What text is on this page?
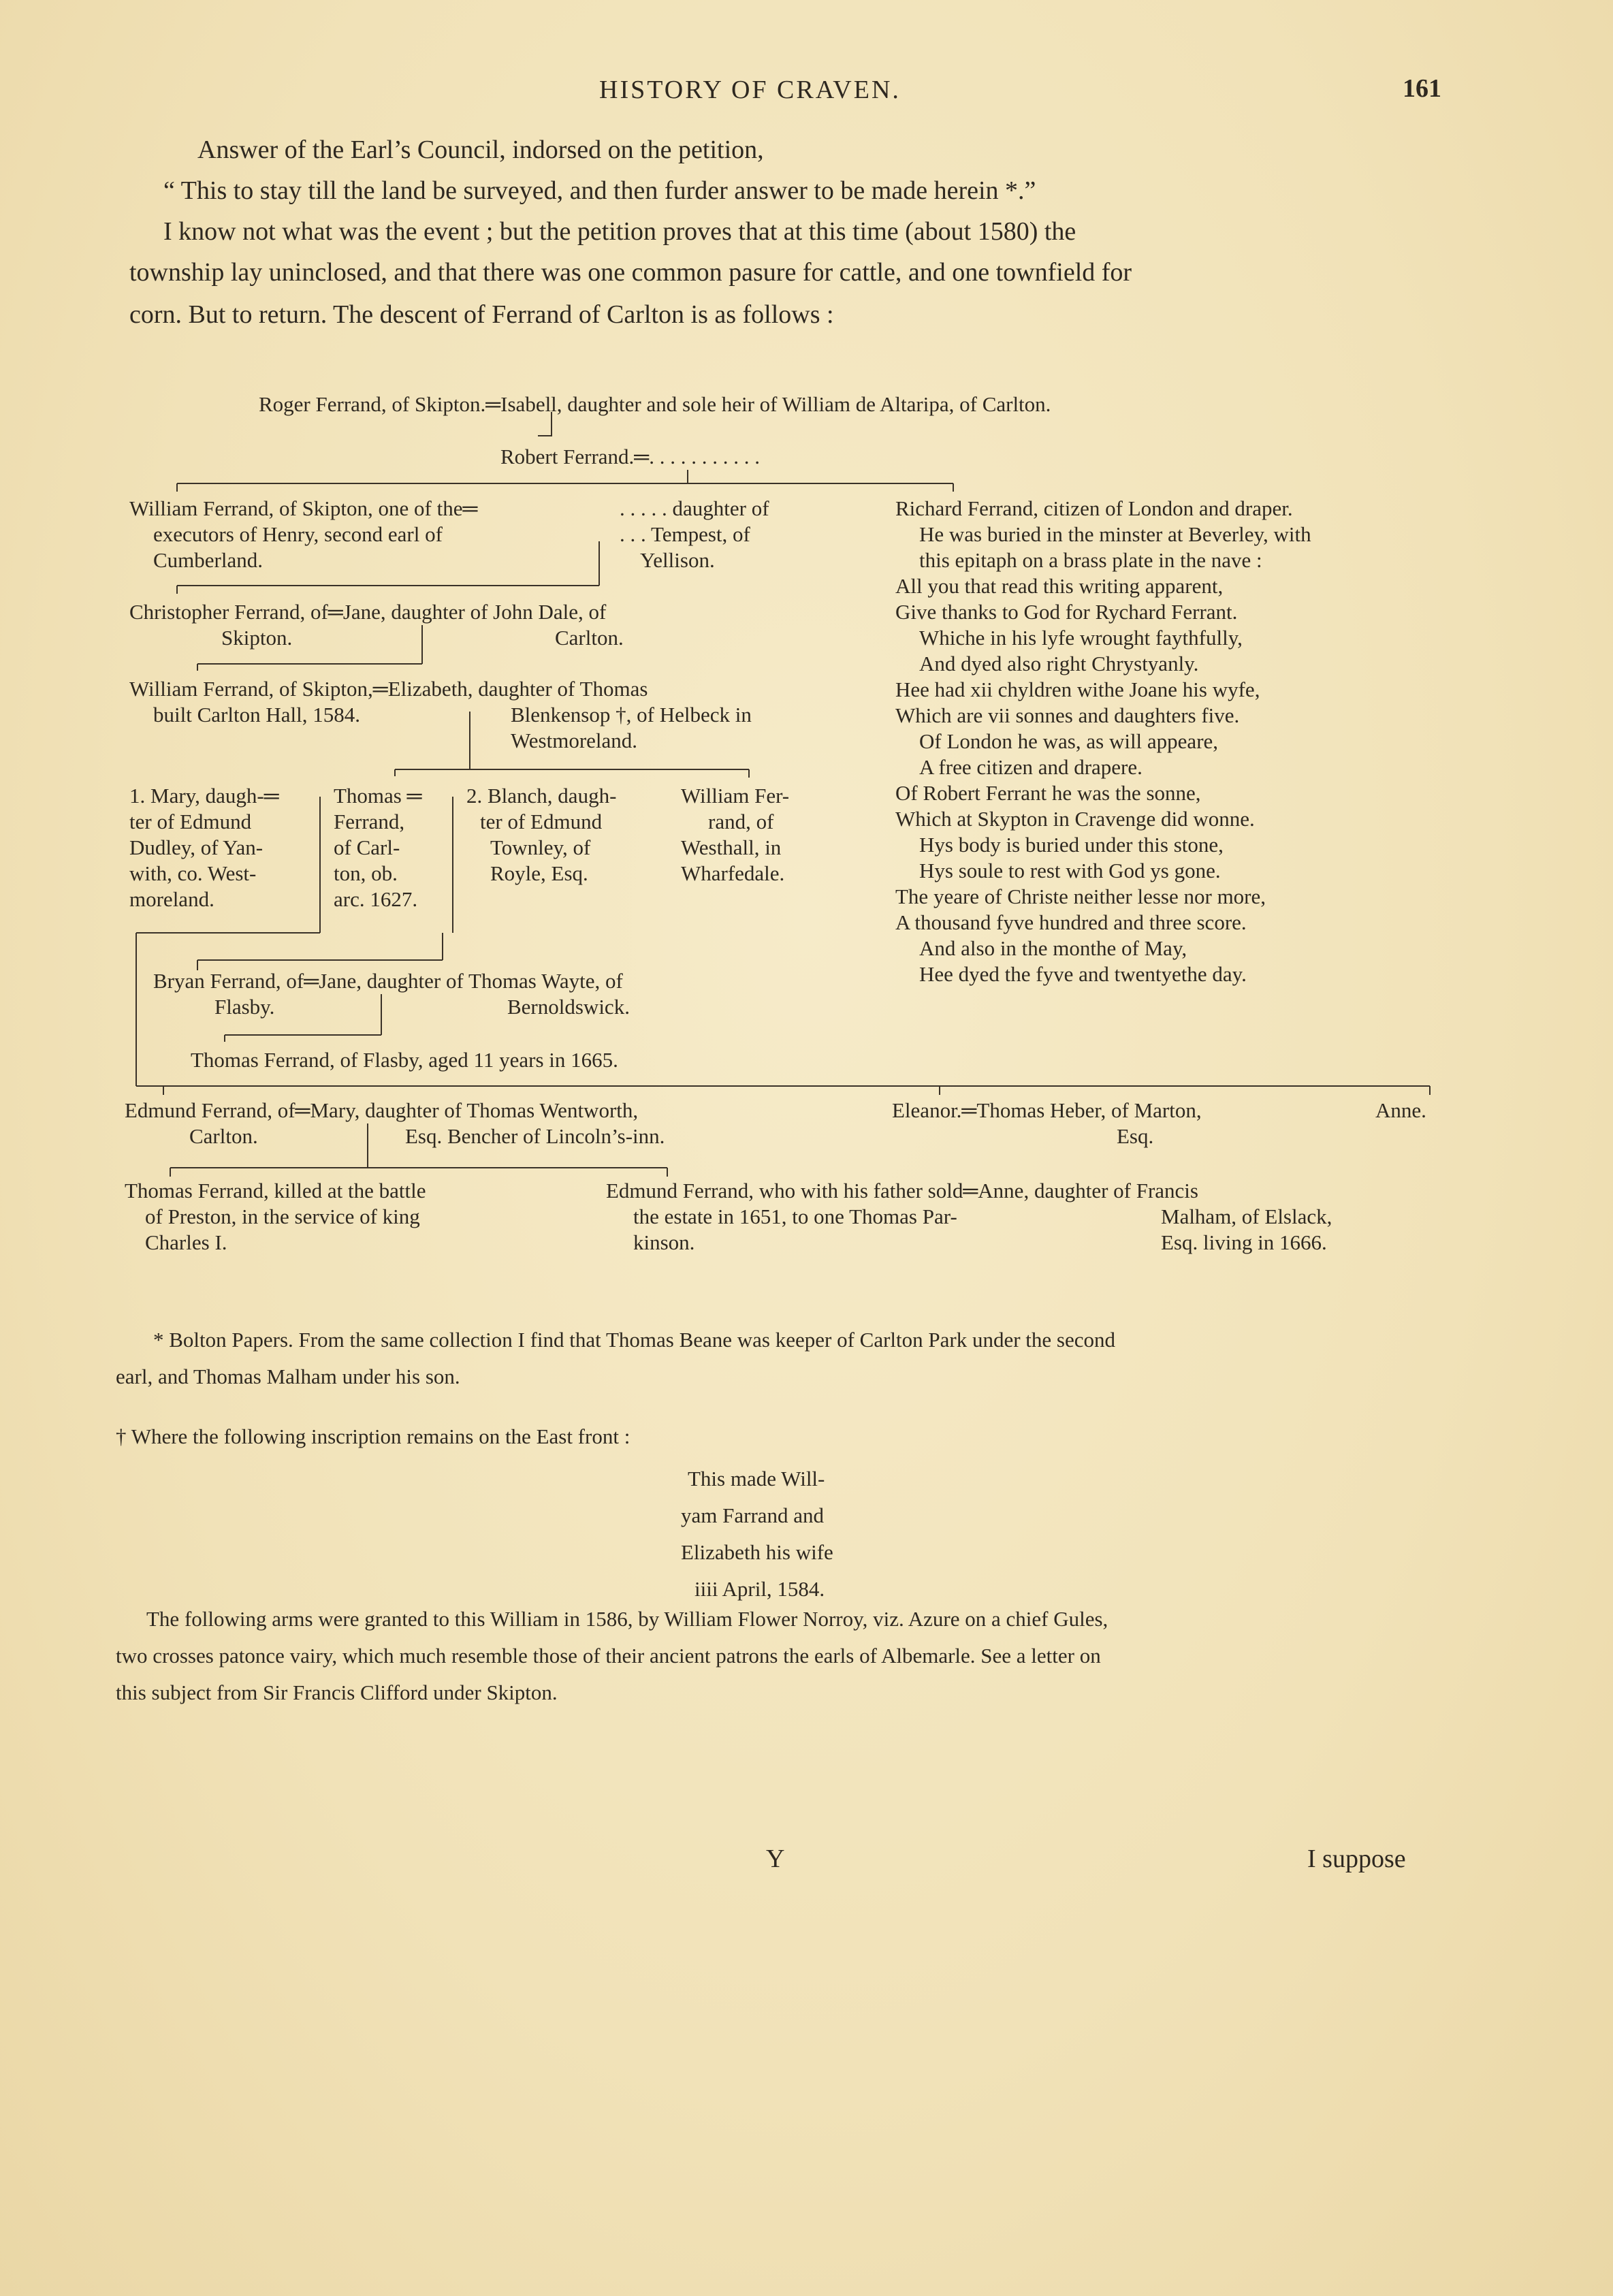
HISTORY OF CRAVEN.	161
Answer of the Earl’s Council, indorsed on the petition,
“ This to stay till the land be surveyed, and then furder answer to be made herein *.”
I know not what was the event ; but the petition proves that at this time (about 1580) the
township lay uninclosed, and that there was one common pasure for cattle, and one townfield for
corn. But to return. The descent of Ferrand of Carlton is as follows :
Roger Ferrand, of Skipton.═Isabell, daughter and sole heir of William de Altaripa, of Carlton.
Robert Ferrand.═. . . . . . . . . . .
William Ferrand, of Skipton, one of the═
executors of Henry, second earl of
Cumberland.
. . . . . daughter of
. . . Tempest, of
Yellison.
Christopher Ferrand, of═Jane, daughter of John Dale, of
Skipton.	Carlton.
William Ferrand, of Skipton,═Elizabeth, daughter of Thomas
built Carlton Hall, 1584.	Blenkensop †, of Helbeck in
Westmoreland.
1. Mary, daugh-═
ter of Edmund
Dudley, of Yan-
with, co. West-
moreland.
Thomas ═
Ferrand,
of Carl-
ton, ob.
arc. 1627.
2. Blanch, daugh-
ter of Edmund
Townley, of
Royle, Esq.
William Fer-
rand, of
Westhall, in
Wharfedale.
Bryan Ferrand, of═Jane, daughter of Thomas Wayte, of
Flasby.	Bernoldswick.
Thomas Ferrand, of Flasby, aged 11 years in 1665.
Edmund Ferrand, of═Mary, daughter of Thomas Wentworth,
Carlton.	Esq. Bencher of Lincoln’s-inn.
Eleanor.═Thomas Heber, of Marton,
Esq.
Anne.
Thomas Ferrand, killed at the battle
of Preston, in the service of king
Charles I.
Edmund Ferrand, who with his father sold═Anne, daughter of Francis
the estate in 1651, to one Thomas Par-
kinson.
Malham, of Elslack,
Esq. living in 1666.
Richard Ferrand, citizen of London and draper.
He was buried in the minster at Beverley, with
this epitaph on a brass plate in the nave :
All you that read this writing apparent,
Give thanks to God for Rychard Ferrant.
Whiche in his lyfe wrought faythfully,
And dyed also right Chrystyanly.
Hee had xii chyldren withe Joane his wyfe,
Which are vii sonnes and daughters five.
Of London he was, as will appeare,
A free citizen and drapere.
Of Robert Ferrant he was the sonne,
Which at Skypton in Cravenge did wonne.
Hys body is buried under this stone,
Hys soule to rest with God ys gone.
The yeare of Christe neither lesse nor more,
A thousand fyve hundred and three score.
And also in the monthe of May,
Hee dyed the fyve and twentyethe day.
* Bolton Papers. From the same collection I find that Thomas Beane was keeper of Carlton Park under the second
earl, and Thomas Malham under his son.
† Where the following inscription remains on the East front :
This made Will-
yam Farrand and
Elizabeth his wife
iiii April, 1584.
The following arms were granted to this William in 1586, by William Flower Norroy, viz. Azure on a chief Gules,
two crosses patonce vairy, which much resemble those of their ancient patrons the earls of Albemarle. See a letter on
this subject from Sir Francis Clifford under Skipton.
Y	I suppose
